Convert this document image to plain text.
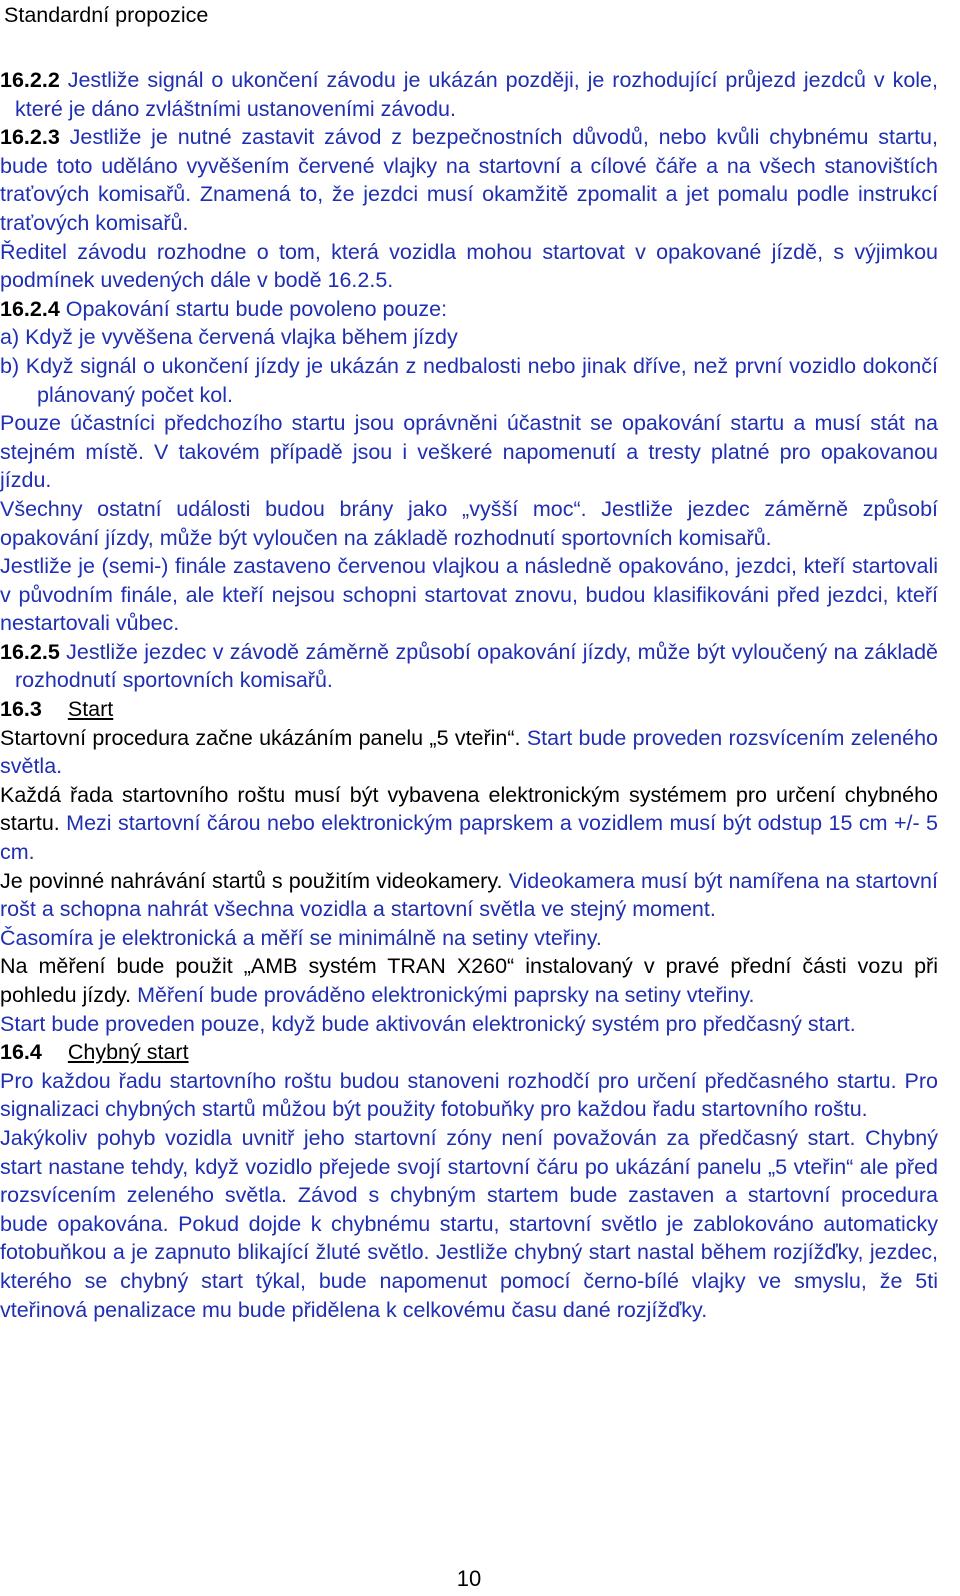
Standardní propozice

16.2.2 Jestliže signál o ukončení závodu je ukázán později, je rozhodující průjezd jezdců v kole, které je dáno zvláštními ustanoveními závodu.

16.2.3 Jestliže je nutné zastavit závod z bezpečnostních důvodů, nebo kvůli chybnému startu, bude toto uděláno vyvěšením červené vlajky na startovní a cílové čáře a na všech stanovištích traťových komisařů. Znamená to, že jezdci musí okamžitě zpomalit a jet pomalu podle instrukcí traťových komisařů.

Ředitel závodu rozhodne o tom, která vozidla mohou startovat v opakované jízdě, s výjimkou podmínek uvedených dále v bodě 16.2.5.

16.2.4 Opakování startu bude povoleno pouze:

a) Když je vyvěšena červená vlajka během jízdy

b) Když signál o ukončení jízdy je ukázán z nedbalosti nebo jinak dříve, než první vozidlo dokončí plánovaný počet kol.

Pouze účastníci předchozího startu jsou oprávněni účastnit se opakování startu a musí stát na stejném místě. V takovém případě jsou i veškeré napomenutí a tresty platné pro opakovanou jízdu.

Všechny ostatní události budou brány jako „vyšší moc“. Jestliže jezdec záměrně způsobí opakování jízdy, může být vyloučen na základě rozhodnutí sportovních komisařů.

Jestliže je (semi-) finále zastaveno červenou vlajkou a následně opakováno, jezdci, kteří startovali v původním finále, ale kteří nejsou schopni startovat znovu, budou klasifikováni před jezdci, kteří nestartovali vůbec.

16.2.5 Jestliže jezdec v závodě záměrně způsobí opakování jízdy, může být vyloučený na základě rozhodnutí sportovních komisařů.

16.3 Start

Startovní procedura začne ukázáním panelu „5 vteřin“. Start bude proveden rozsvícením zeleného světla.

Každá řada startovního roštu musí být vybavena elektronickým systémem pro určení chybného startu. Mezi startovní čárou nebo elektronickým paprskem a vozidlem musí být odstup 15 cm +/- 5 cm.

Je povinné nahrávání startů s použitím videokamery. Videokamera musí být namířena na startovní rošt a schopna nahrát všechna vozidla a startovní světla ve stejný moment.

Časomíra je elektronická a měří se minimálně na setiny vteřiny.

Na měření bude použit „AMB systém TRAN X260“ instalovaný v pravé přední části vozu při pohledu jízdy. Měření bude prováděno elektronickými paprsky na setiny vteřiny.

Start bude proveden pouze, když bude aktivován elektronický systém pro předčasný start.

16.4 Chybný start

Pro každou řadu startovního roštu budou stanoveni rozhodčí pro určení předčasného startu. Pro signalizaci chybných startů můžou být použity fotobuňky pro každou řadu startovního roštu.

Jakýkoliv pohyb vozidla uvnitř jeho startovní zóny není považován za předčasný start. Chybný start nastane tehdy, když vozidlo přejede svojí startovní čáru po ukázání panelu „5 vteřin“ ale před rozsvícením zeleného světla. Závod s chybným startem bude zastaven a startovní procedura bude opakována. Pokud dojde k chybnému startu, startovní světlo je zablokováno automaticky fotobuňkou a je zapnuto blikající žluté světlo. Jestliže chybný start nastal během rozjížďky, jezdec, kterého se chybný start týkal, bude napomenut pomocí černo-bílé vlajky ve smyslu, že 5ti vteřinová penalizace mu bude přidělena k celkovému času dané rozjížďky.

10
